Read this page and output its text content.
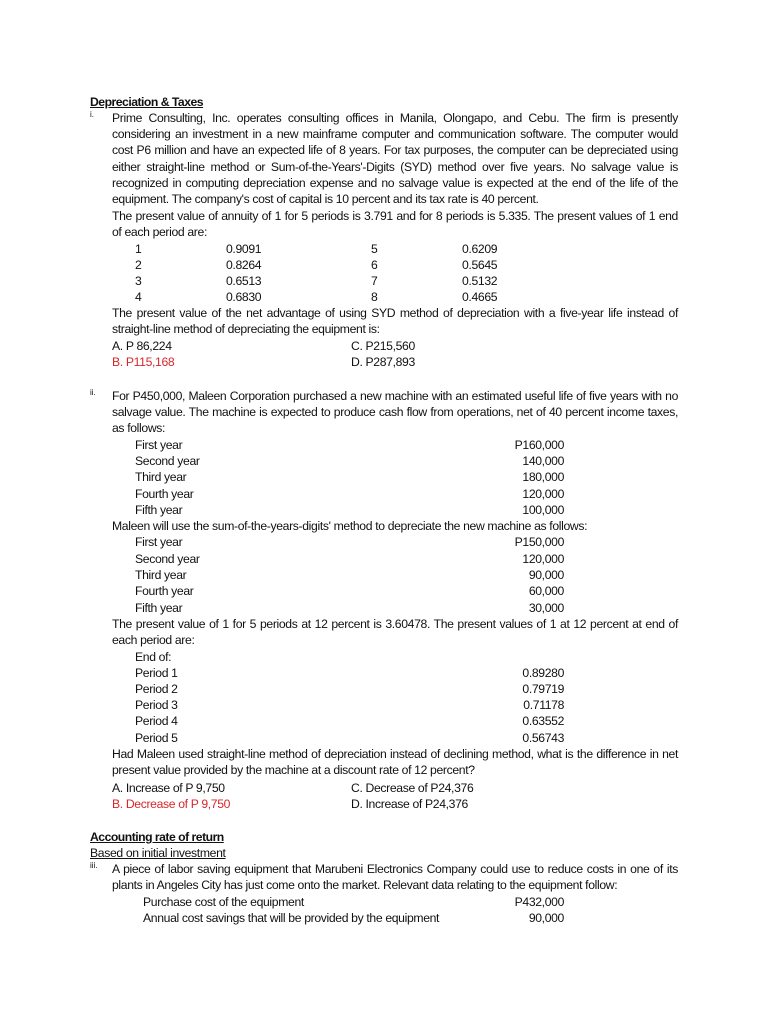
Depreciation & Taxes
i. Prime Consulting, Inc. operates consulting offices in Manila, Olongapo, and Cebu. The firm is presently considering an investment in a new mainframe computer and communication software. The computer would cost P6 million and have an expected life of 8 years. For tax purposes, the computer can be depreciated using either straight-line method or Sum-of-the-Years'-Digits (SYD) method over five years. No salvage value is recognized in computing depreciation expense and no salvage value is expected at the end of the life of the equipment. The company's cost of capital is 10 percent and its tax rate is 40 percent.
The present value of annuity of 1 for 5 periods is 3.791 and for 8 periods is 5.335. The present values of 1 end of each period are:
1	0.9091	5	0.6209
2	0.8264	6	0.5645
3	0.6513	7	0.5132
4	0.6830	8	0.4665
The present value of the net advantage of using SYD method of depreciation with a five-year life instead of straight-line method of depreciating the equipment is:
A. P 86,224	C. P215,560
B. P115,168	D. P287,893
ii. For P450,000, Maleen Corporation purchased a new machine with an estimated useful life of five years with no salvage value. The machine is expected to produce cash flow from operations, net of 40 percent income taxes, as follows:
First year	P160,000
Second year	140,000
Third year	180,000
Fourth year	120,000
Fifth year	100,000
Maleen will use the sum-of-the-years-digits' method to depreciate the new machine as follows:
First year	P150,000
Second year	120,000
Third year	90,000
Fourth year	60,000
Fifth year	30,000
The present value of 1 for 5 periods at 12 percent is 3.60478. The present values of 1 at 12 percent at end of each period are:
End of:
Period 1	0.89280
Period 2	0.79719
Period 3	0.71178
Period 4	0.63552
Period 5	0.56743
Had Maleen used straight-line method of depreciation instead of declining method, what is the difference in net present value provided by the machine at a discount rate of 12 percent?
A. Increase of P 9,750	C. Decrease of P24,376
B. Decrease of P 9,750	D. Increase of P24,376
Accounting rate of return
Based on initial investment
iii. A piece of labor saving equipment that Marubeni Electronics Company could use to reduce costs in one of its plants in Angeles City has just come onto the market. Relevant data relating to the equipment follow:
Purchase cost of the equipment	P432,000
Annual cost savings that will be provided by the equipment	90,000
